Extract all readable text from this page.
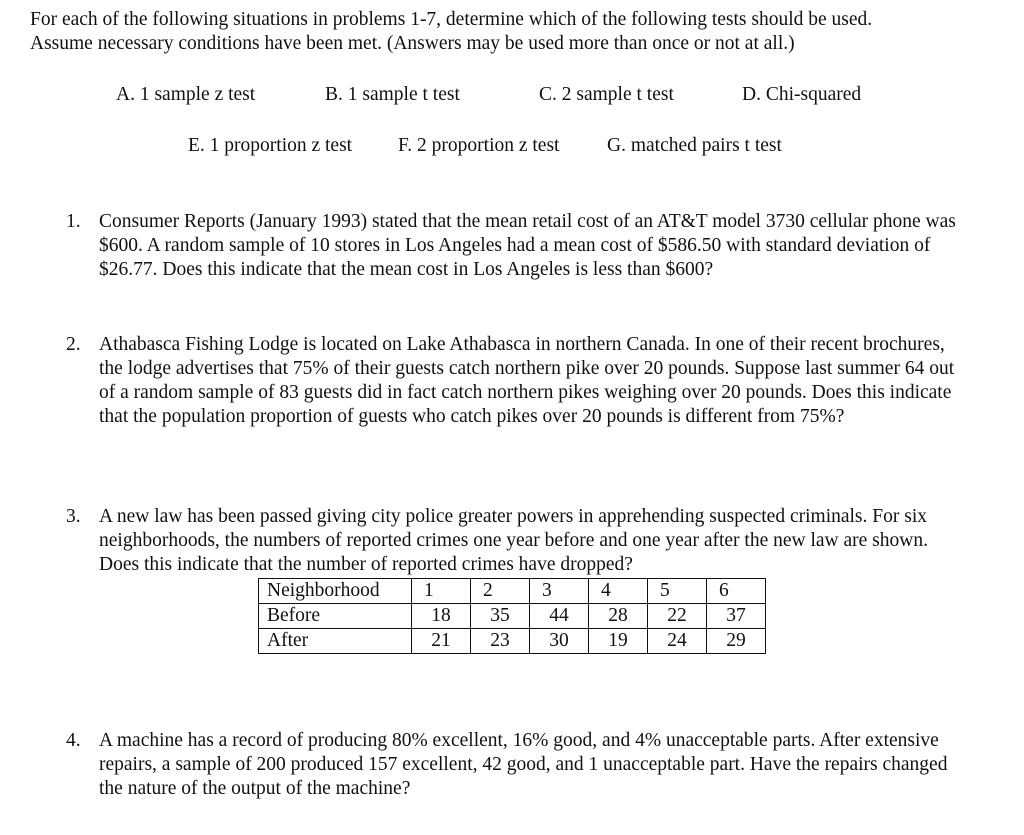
For each of the following situations in problems 1-7, determine which of the following tests should be used.

Assume necessary conditions have been met. (Answers may be used more than once or not at all.)

A. 1 sample z test	B. 1 sample t test	C. 2 sample t test	D. Chi-squared
E. 1 proportion z test F. 2 proportion z test G. matched pairs t test
1. Consumer Reports (January 1993) stated that the mean retail cost of an AT&T model 3730 cellular phone was $600. A random sample of 10 stores in Los Angeles had a mean cost of $586.50 with standard deviation of $26.77. Does this indicate that the mean cost in Los Angeles is less than $600?

2. Athabasca Fishing Lodge is located on Lake Athabasca in northern Canada. In one of their recent brochures, the lodge advertises that 75% of their guests catch northern pike over 20 pounds. Suppose last summer 64 out of a random sample of 83 guests did in fact catch northern pikes weighing over 20 pounds. Does this indicate that the population proportion of guests who catch pikes over 20 pounds is different from 75%?

3. A new law has been passed giving city police greater powers in apprehending suspected criminals. For six neighborhoods, the numbers of reported crimes one year before and one year after the new law are shown. Does this indicate that the number of reported crimes have dropped?

Neighborhood	1	2	3	4	5	6
Before	18	35	44	28	22	37
After	21	23	30	19	24	29
4. A machine has a record of producing 80% excellent, 16% good, and 4% unacceptable parts. After extensive repairs, a sample of 200 produced 157 excellent, 42 good, and 1 unacceptable part. Have the repairs changed the nature of the output of the machine?
